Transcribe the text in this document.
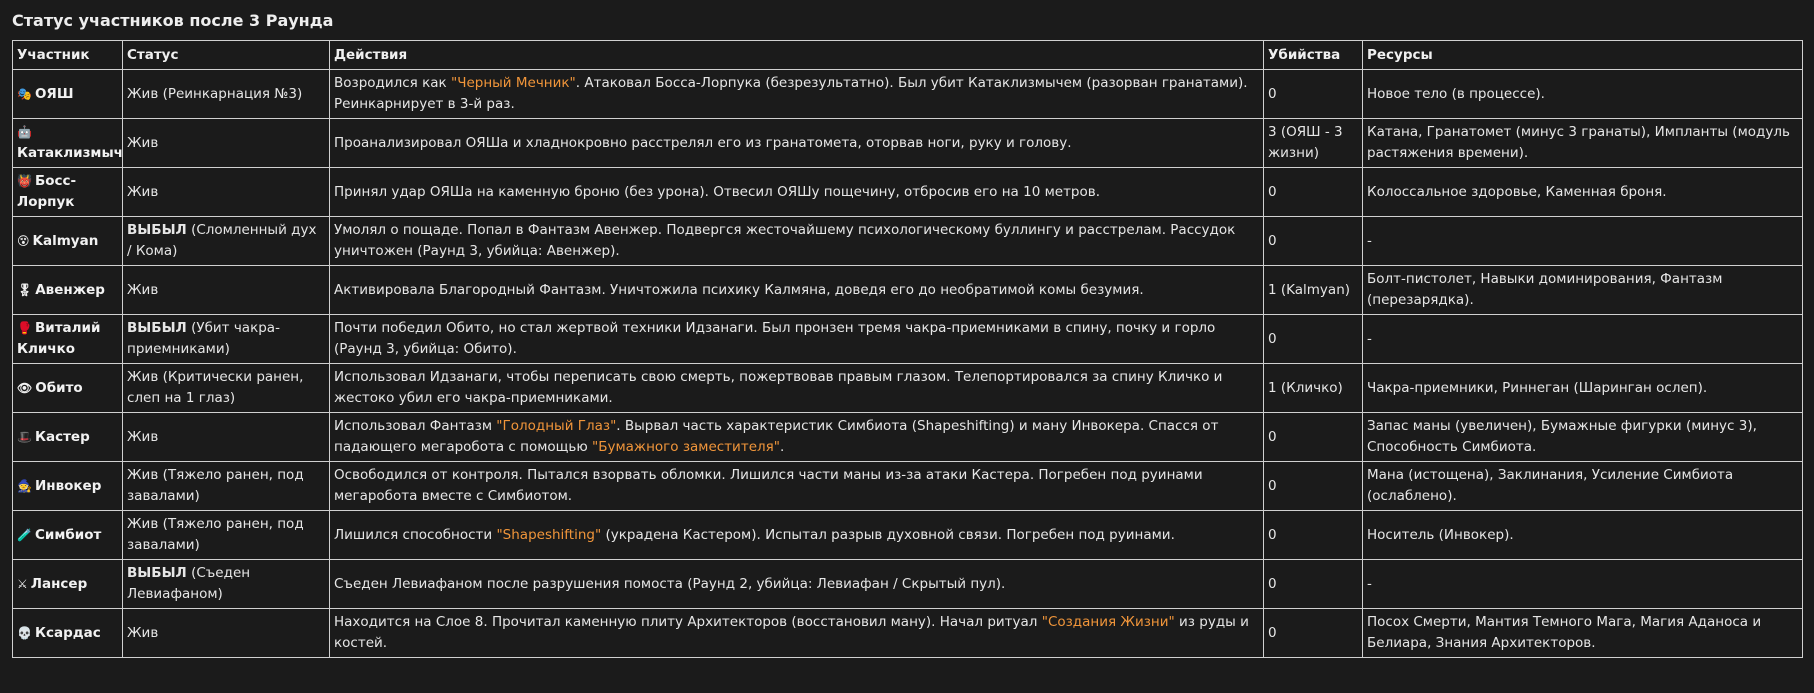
Статус участников после 3 Раунда
Участник	Статус	Действия	Убийства	Ресурсы
🎭 ОЯШ	Жив (Реинкарнация №3)	Возродился как "Черный Мечник". Атаковал Босса-Лорпука (безрезультатно). Был убит Катаклизмычем (разорван гранатами). Реинкарнирует в 3-й раз.	0	Новое тело (в процессе).
🤖Катаклизмыч	Жив	Проанализировал ОЯШа и хладнокровно расстрелял его из гранатомета, оторвав ноги, руку и голову.	3 (ОЯШ - 3 жизни)	Катана, Гранатомет (минус 3 гранаты), Импланты (модуль растяжения времени).
👹 Босс-Лорпук	Жив	Принял удар ОЯШа на каменную броню (без урона). Отвесил ОЯШу пощечину, отбросив его на 10 метров.	0	Колоссальное здоровье, Каменная броня.
😵 Kalmyan	ВЫБЫЛ (Сломленный дух / Кома)	Умолял о пощаде. Попал в Фантазм Авенжер. Подвергся жесточайшему психологическому буллингу и расстрелам. Рассудок уничтожен (Раунд 3, убийца: Авенжер).	0	-
🎖 Авенжер	Жив	Активировала Благородный Фантазм. Уничтожила психику Калмяна, доведя его до необратимой комы безумия.	1 (Kalmyan)	Болт-пистолет, Навыки доминирования, Фантазм (перезарядка).
🥊 Виталий Кличко	ВЫБЫЛ (Убит чакра-приемниками)	Почти победил Обито, но стал жертвой техники Идзанаги. Был пронзен тремя чакра-приемниками в спину, почку и горло (Раунд 3, убийца: Обито).	0	-
👁 Обито	Жив (Критически ранен, слеп на 1 глаз)	Использовал Идзанаги, чтобы переписать свою смерть, пожертвовав правым глазом. Телепортировался за спину Кличко и жестоко убил его чакра-приемниками.	1 (Кличко)	Чакра-приемники, Риннеган (Шаринган ослеп).
🎩 Кастер	Жив	Использовал Фантазм "Голодный Глаз". Вырвал часть характеристик Симбиота (Shapeshifting) и ману Инвокера. Спасся от падающего мегаробота с помощью "Бумажного заместителя".	0	Запас маны (увеличен), Бумажные фигурки (минус 3), Способность Симбиота.
🧙 Инвокер	Жив (Тяжело ранен, под завалами)	Освободился от контроля. Пытался взорвать обломки. Лишился части маны из-за атаки Кастера. Погребен под руинами мегаробота вместе с Симбиотом.	0	Мана (истощена), Заклинания, Усиление Симбиота (ослаблено).
🧪 Симбиот	Жив (Тяжело ранен, под завалами)	Лишился способности "Shapeshifting" (украдена Кастером). Испытал разрыв духовной связи. Погребен под руинами.	0	Носитель (Инвокер).
⚔ Лансер	ВЫБЫЛ (Съеден Левиафаном)	Съеден Левиафаном после разрушения помоста (Раунд 2, убийца: Левиафан / Скрытый пул).	0	-
💀 Ксардас	Жив	Находится на Слое 8. Прочитал каменную плиту Архитекторов (восстановил ману). Начал ритуал "Создания Жизни" из руды и костей.	0	Посох Смерти, Мантия Темного Мага, Магия Аданоса и Белиара, Знания Архитекторов.
